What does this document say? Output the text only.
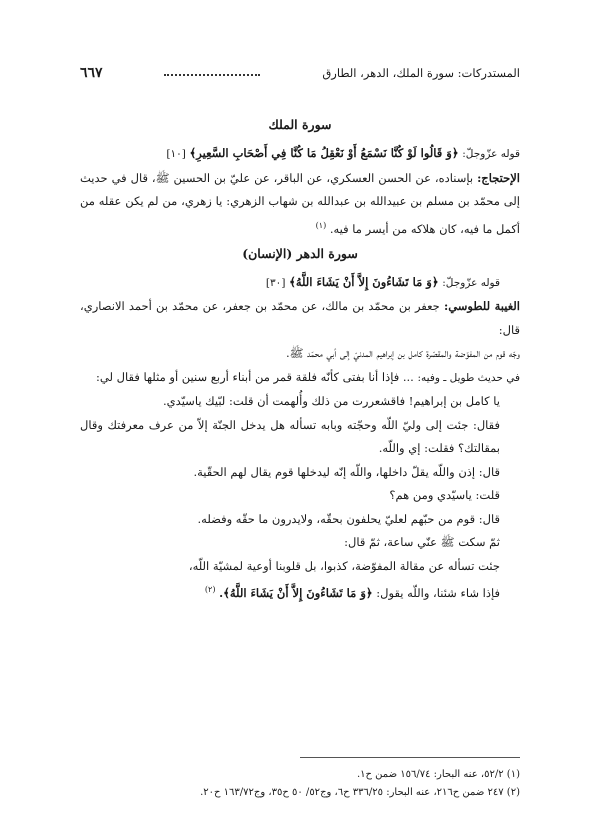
المستدركات: سورة الملك، الدهر، الطارق
٦٦٧
سورة الملك

قوله عزّوجلّ: ﴿وَ قَالُوا لَوْ كُنَّا نَسْمَعُ أَوْ نَعْقِلُ مَا كُنَّا فِي أَصْحَابِ السَّعِيرِ﴾ [١٠]

الإحتجاج: بإسناده، عن الحسن العسكري، عن الباقر، عن عليّ بن الحسين ﷺ، قال في حديث إلى محمّد بن مسلم بن عبيدالله بن عبدالله بن شهاب الزهري: يا زهري، من لم يكن عقله من أكمل ما فيه، كان هلاكه من أيسر ما فيه. $^{(١)}$

سورة الدهر (الإنسان)

قوله عزّوجلّ: ﴿وَ مَا تَشَاءُونَ إِلاَّ أَنْ يَشَاءَ اللَّهُ﴾ [٣٠]

الغيبة للطوسي: جعفر بن محمّد بن مالك، عن محمّد بن جعفر، عن محمّد بن أحمد الانصاري، قال:

وجّه قوم من المفوّضة والمقصّرة كامل بن إبراهيم المدنيّ إلى أبي محمّد ﷺ.

في حديث طويل ـ وفيه: ... فإذا أنا بفتى كأنّه فلقة قمر من أبناء أربع سنين أو مثلها فقال لي:

يا كامل بن إبراهيم! فاقشعررت من ذلك وأُلهمت أن قلت: لبّيك ياسيّدي.

فقال: جئت إلى وليّ اللّه وحجّته وبابه تسأله هل يدخل الجنّة إلاّ من عرف معرفتك وقال بمقالتك؟ فقلت: إي واللّه.

قال: إذن واللّه يقلّ داخلها، واللّه إنّه ليدخلها قوم يقال لهم الحقّية.

قلت: ياسيّدي ومن هم؟

قال: قوم من حبّهم لعليّ يحلفون بحقّه، ولايدرون ما حقّه وفضله.

ثمّ سكت ﷺ عنّي ساعة، ثمّ قال:

جئت تسأله عن مقالة المفوّضة، كذبوا، بل قلوبنا أوعية لمشيّة اللّه،

فإذا شاء شئنا، واللّه يقول: ﴿وَ مَا تَشَاءُونَ إِلاَّ أَنْ يَشَاءَ اللَّهُ﴾. $^{(٢)}$

(١) ٥٢/٢، عنه البحار: ١٥٦/٧٤ ضمن ح١.

(٢) ٢٤٧ ضمن ح٢١٦، عنه البحار: ٣٣٦/٢٥ ح٦، وج٥٢/ ٥٠ ح٣٥، وج١٦٣/٧٢ ح٢٠.
